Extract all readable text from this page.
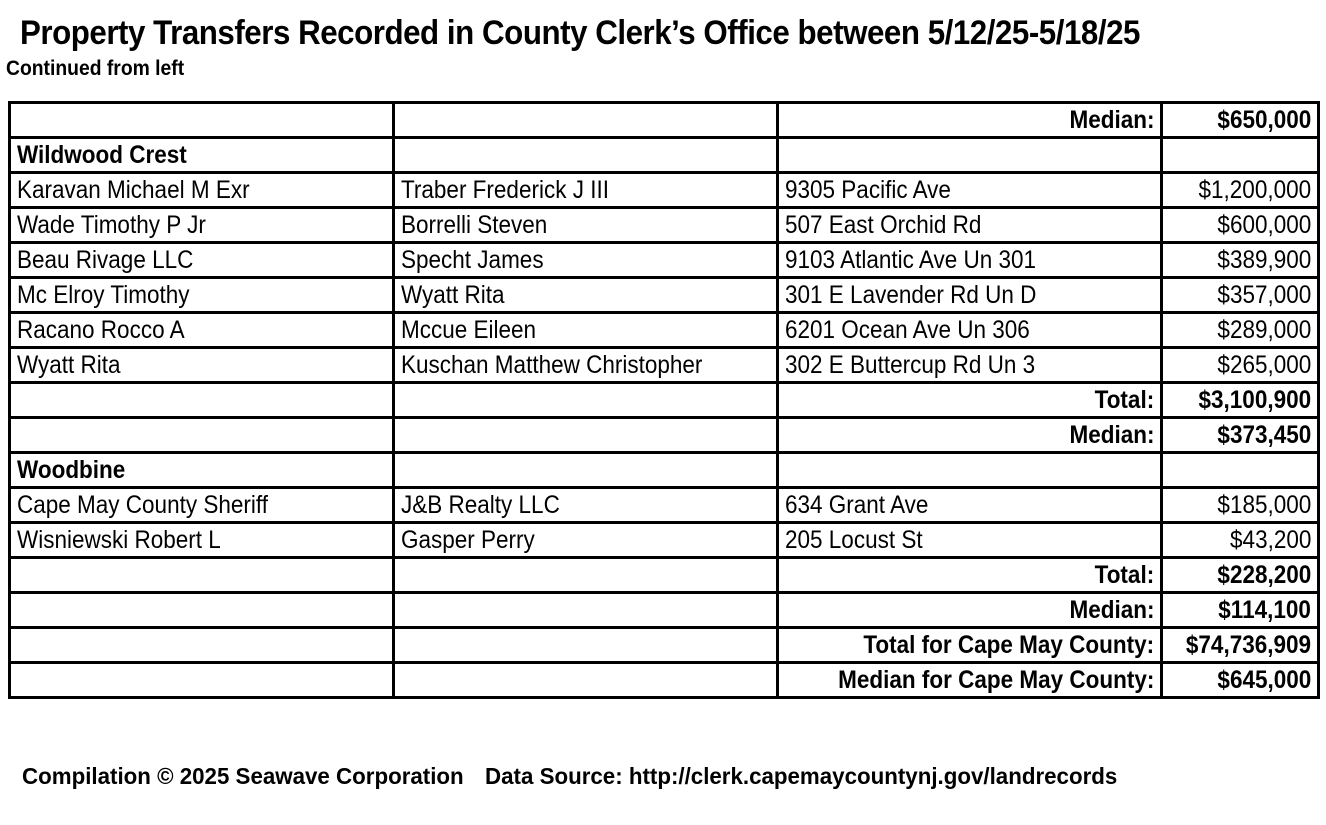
Property Transfers Recorded in County Clerk’s Office between 5/12/25-5/18/25
Continued from left
		Median:	$650,000
Wildwood Crest			
Karavan Michael M Exr	Traber Frederick J III	9305 Pacific Ave	$1,200,000
Wade Timothy P Jr	Borrelli Steven	507 East Orchid Rd	$600,000
Beau Rivage LLC	Specht James	9103 Atlantic Ave Un 301	$389,900
Mc Elroy Timothy	Wyatt Rita	301 E Lavender Rd Un D	$357,000
Racano Rocco A	Mccue Eileen	6201 Ocean Ave Un 306	$289,000
Wyatt Rita	Kuschan Matthew Christopher	302 E Buttercup Rd Un 3	$265,000
		Total:	$3,100,900
		Median:	$373,450
Woodbine			
Cape May County Sheriff	J&B Realty LLC	634 Grant Ave	$185,000
Wisniewski Robert L	Gasper Perry	205 Locust St	$43,200
		Total:	$228,200
		Median:	$114,100
		Total for Cape May County:	$74,736,909
		Median for Cape May County:	$645,000
Compilation © 2025 Seawave Corporation Data Source: http://clerk.capemaycountynj.gov/landrecords
